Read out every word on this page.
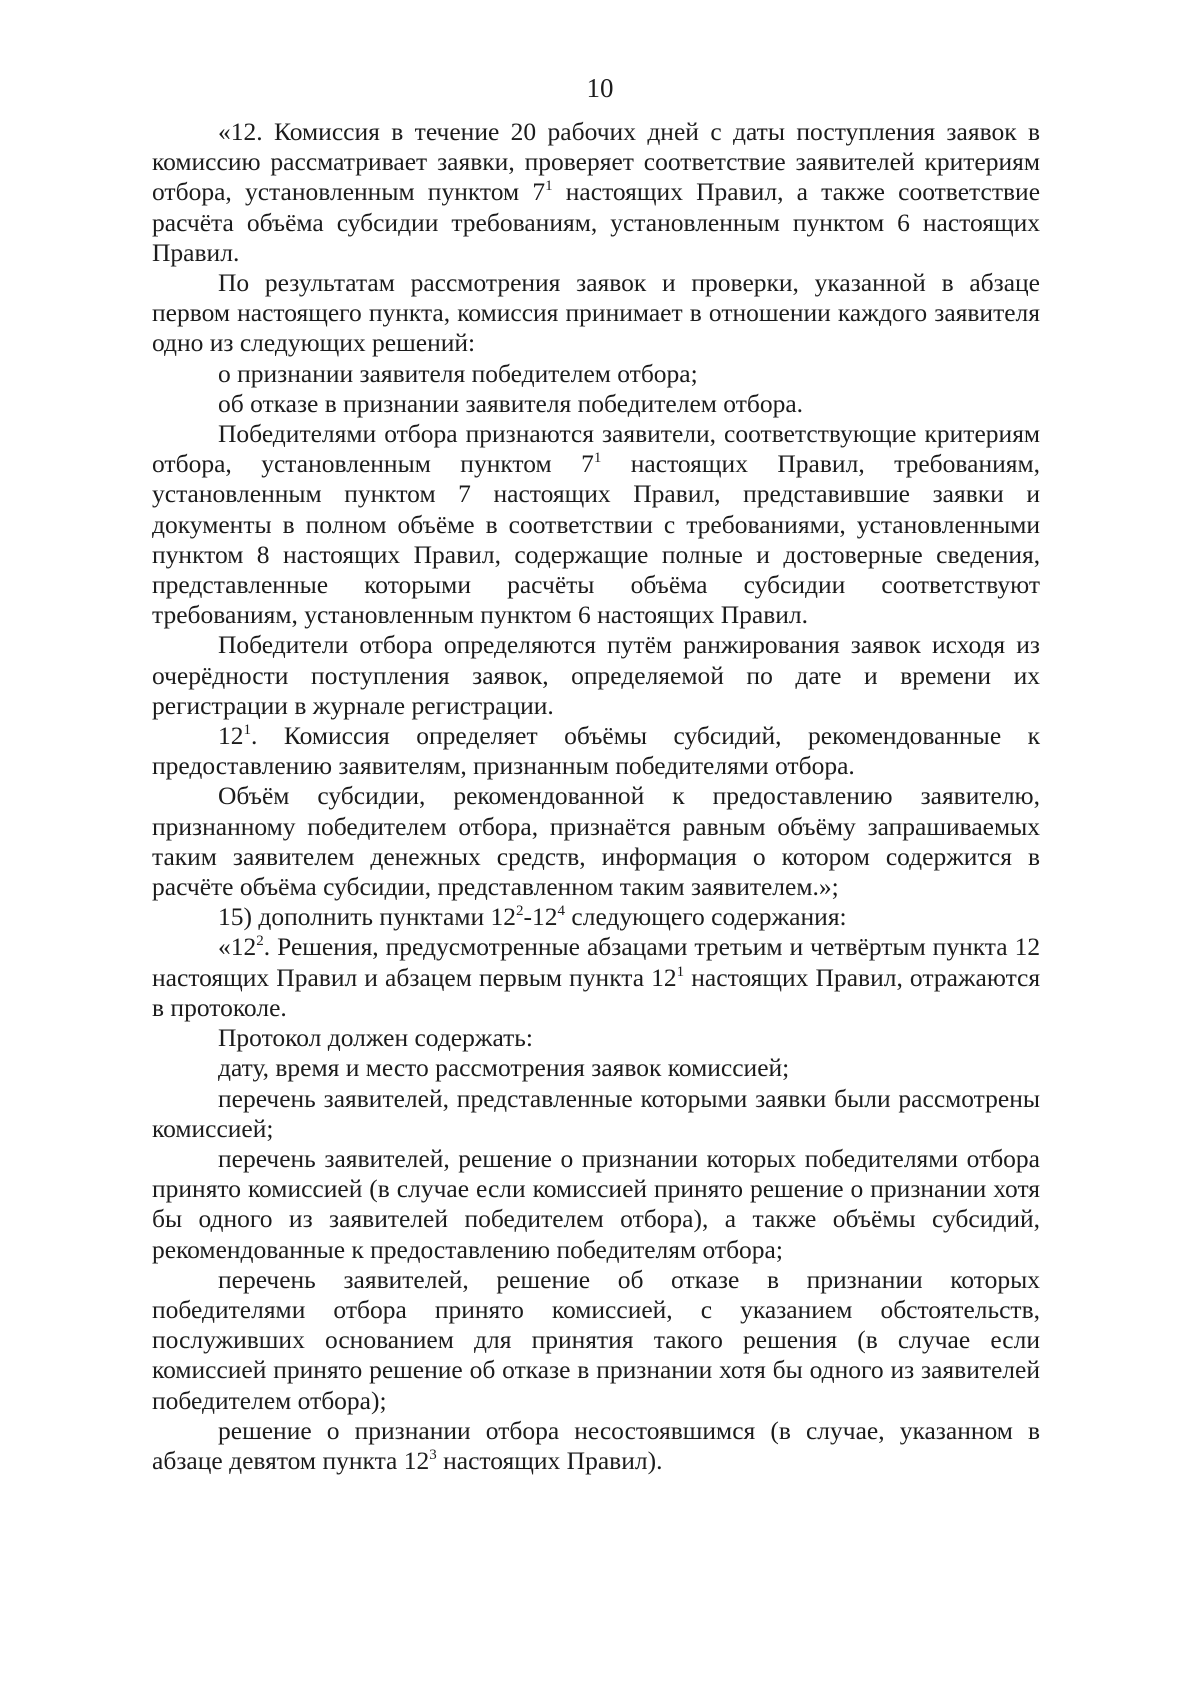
10

«12. Комиссия в течение 20 рабочих дней с даты поступления заявок в комиссию рассматривает заявки, проверяет соответствие заявителей критериям отбора, установленным пунктом $7^1$ настоящих Правил, а также соответствие расчёта объёма субсидии требованиям, установленным пунктом 6 настоящих Правил.

По результатам рассмотрения заявок и проверки, указанной в абзаце первом настоящего пункта, комиссия принимает в отношении каждого заявителя одно из следующих решений:

о признании заявителя победителем отбора;

об отказе в признании заявителя победителем отбора.

Победителями отбора признаются заявители, соответствующие критериям отбора, установленным пунктом $7^1$ настоящих Правил, требованиям, установленным пунктом 7 настоящих Правил, представившие заявки и документы в полном объёме в соответствии с требованиями, установленными пунктом 8 настоящих Правил, содержащие полные и достоверные сведения, представленные которыми расчёты объёма субсидии соответствуют требованиям, установленным пунктом 6 настоящих Правил.

Победители отбора определяются путём ранжирования заявок исходя из очерёдности поступления заявок, определяемой по дате и времени их регистрации в журнале регистрации.

$12^1$. Комиссия определяет объёмы субсидий, рекомендованные к предоставлению заявителям, признанным победителями отбора.

Объём субсидии, рекомендованной к предоставлению заявителю, признанному победителем отбора, признаётся равным объёму запрашиваемых таким заявителем денежных средств, информация о котором содержится в расчёте объёма субсидии, представленном таким заявителем.»;

15) дополнить пунктами $12^2-12^4$ следующего содержания:

«$12^2$. Решения, предусмотренные абзацами третьим и четвёртым пункта 12 настоящих Правил и абзацем первым пункта $12^1$ настоящих Правил, отражаются в протоколе.

Протокол должен содержать:

дату, время и место рассмотрения заявок комиссией;

перечень заявителей, представленные которыми заявки были рассмотрены комиссией;

перечень заявителей, решение о признании которых победителями отбора принято комиссией (в случае если комиссией принято решение о признании хотя бы одного из заявителей победителем отбора), а также объёмы субсидий, рекомендованные к предоставлению победителям отбора;

перечень заявителей, решение об отказе в признании которых победителями отбора принято комиссией, с указанием обстоятельств, послуживших основанием для принятия такого решения (в случае если комиссией принято решение об отказе в признании хотя бы одного из заявителей победителем отбора);

решение о признании отбора несостоявшимся (в случае, указанном в абзаце девятом пункта $12^3$ настоящих Правил).
